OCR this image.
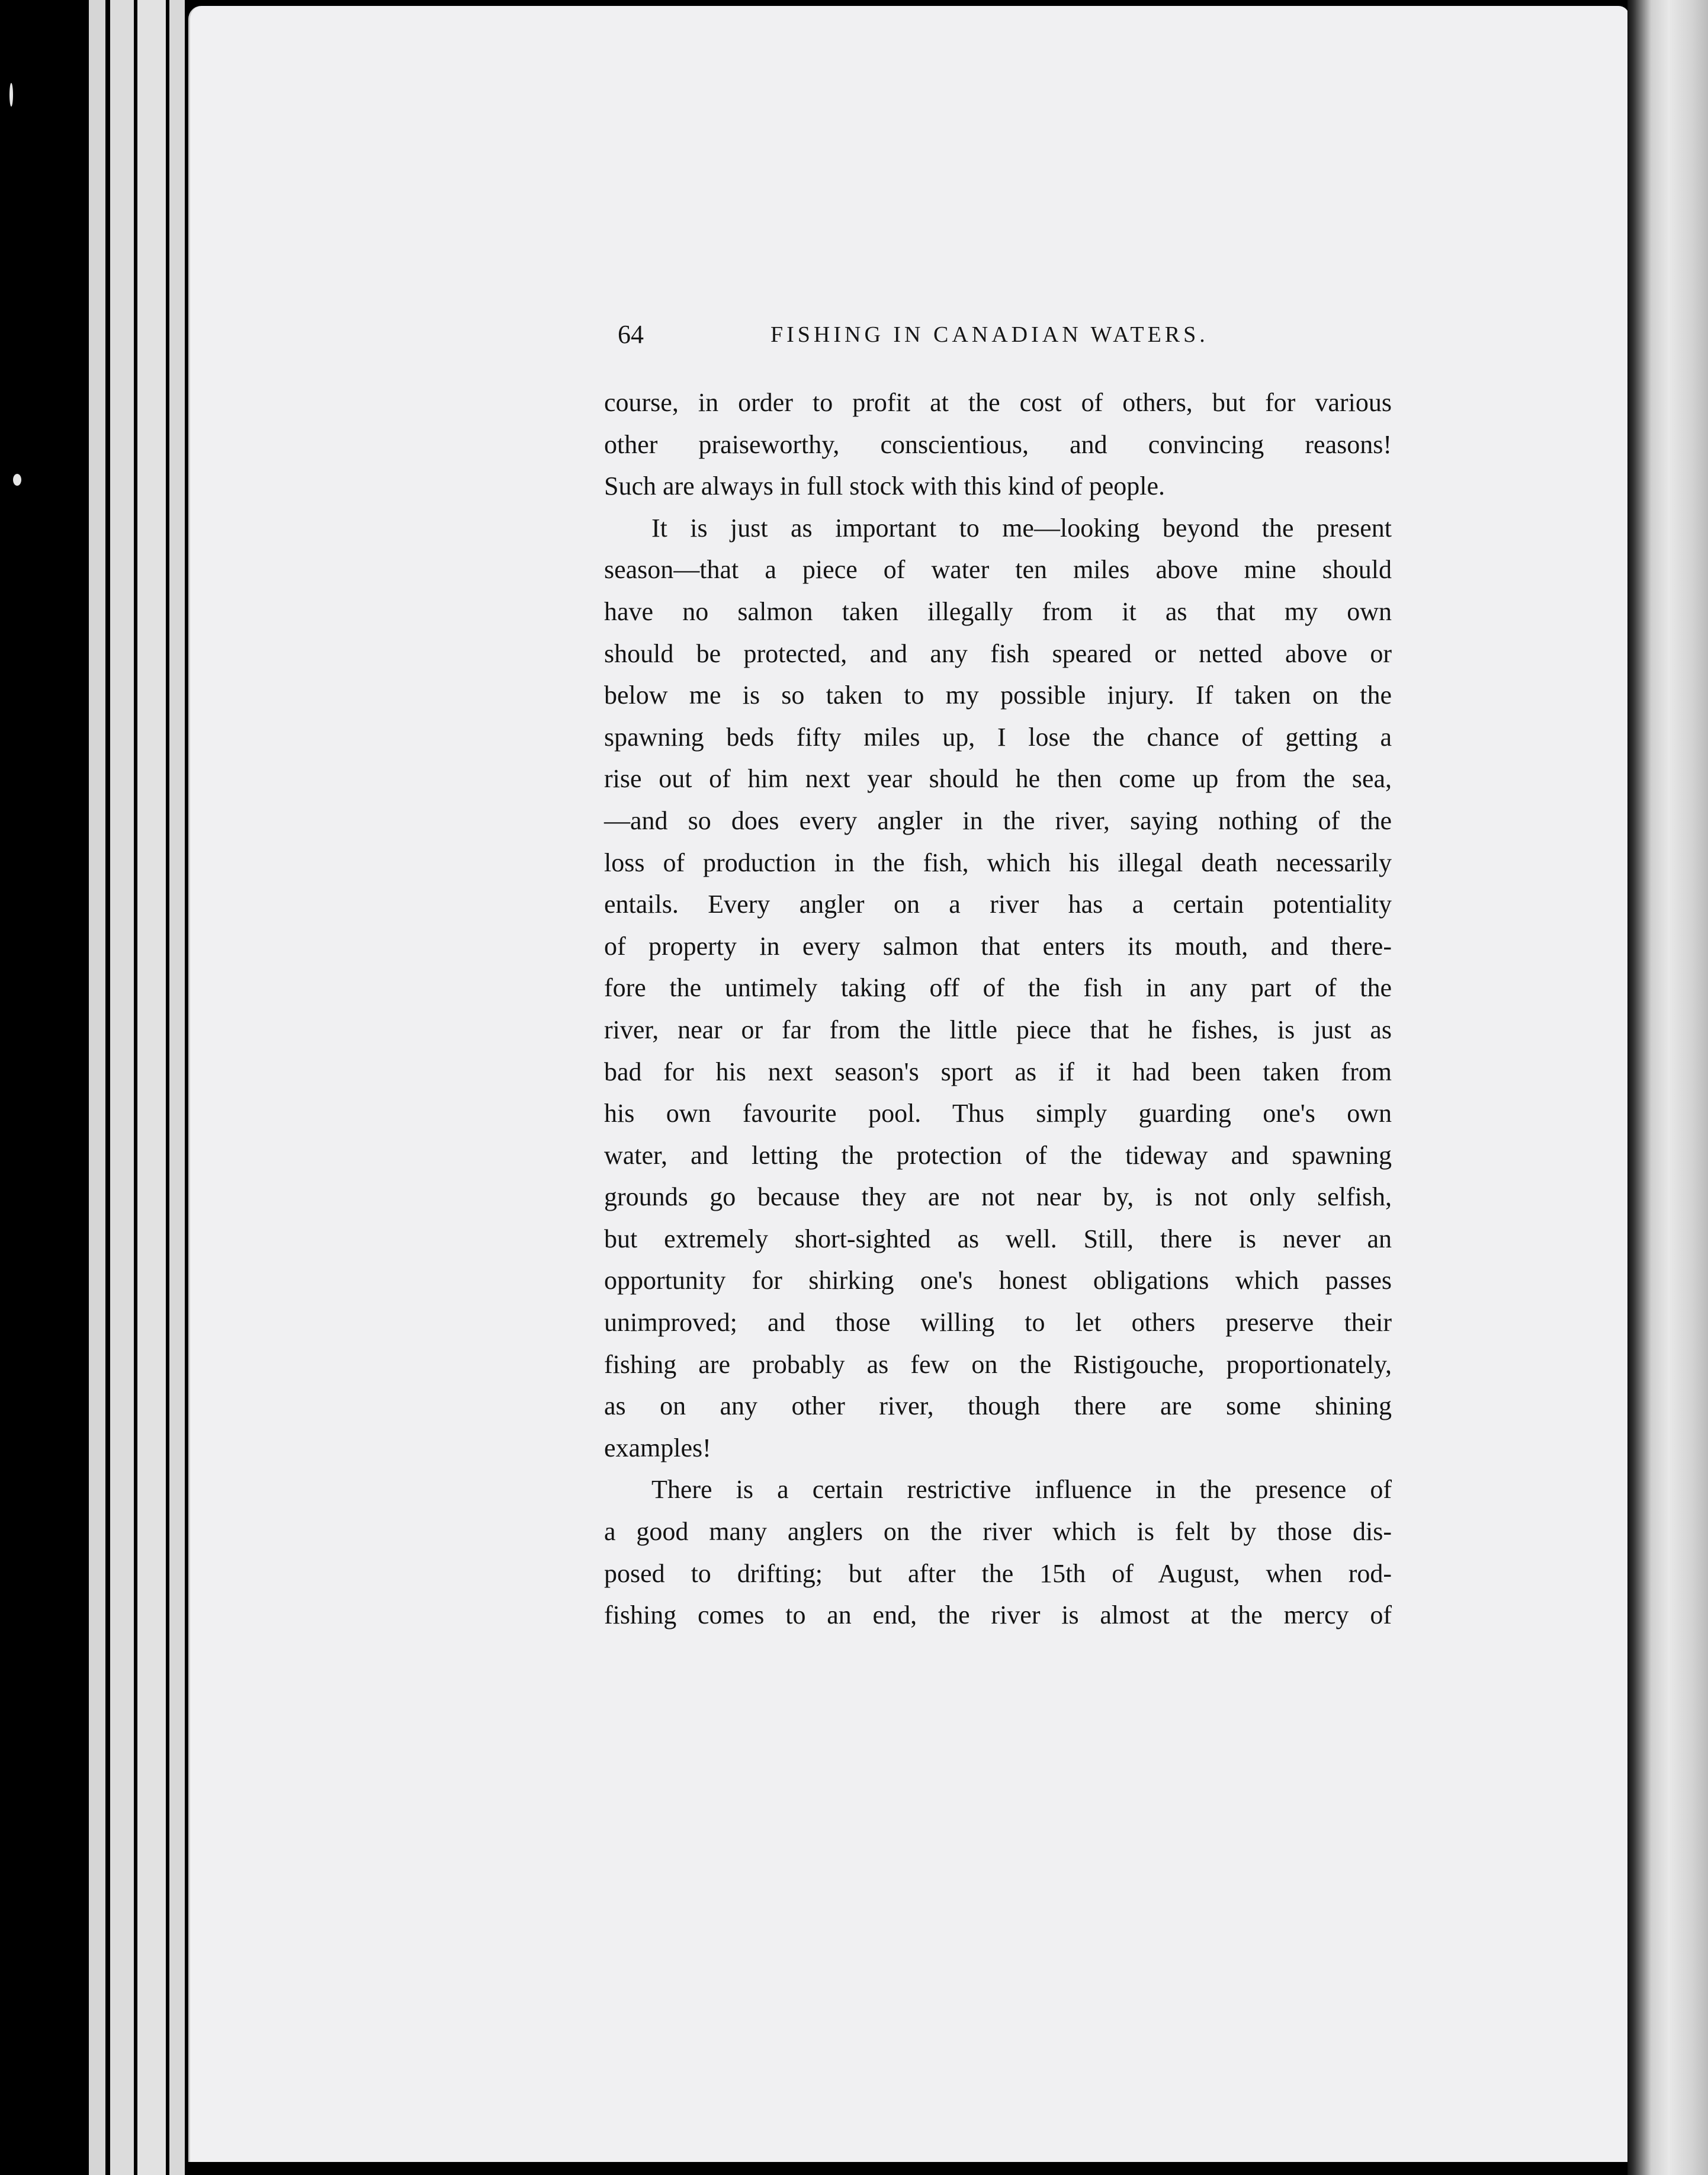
64	FISHING IN CANADIAN WATERS.
course, in order to profit at the cost of others, but for various
other praiseworthy, conscientious, and convincing reasons!
Such are always in full stock with this kind of people.
It is just as important to me—looking beyond the present
season—that a piece of water ten miles above mine should
have no salmon taken illegally from it as that my own
should be protected, and any fish speared or netted above or
below me is so taken to my possible injury. If taken on the
spawning beds fifty miles up, I lose the chance of getting a
rise out of him next year should he then come up from the sea,
—and so does every angler in the river, saying nothing of the
loss of production in the fish, which his illegal death necessarily
entails. Every angler on a river has a certain potentiality
of property in every salmon that enters its mouth, and there-
fore the untimely taking off of the fish in any part of the
river, near or far from the little piece that he fishes, is just as
bad for his next season's sport as if it had been taken from
his own favourite pool. Thus simply guarding one's own
water, and letting the protection of the tideway and spawning
grounds go because they are not near by, is not only selfish,
but extremely short-sighted as well. Still, there is never an
opportunity for shirking one's honest obligations which passes
unimproved; and those willing to let others preserve their
fishing are probably as few on the Ristigouche, proportionately,
as on any other river, though there are some shining
examples!
There is a certain restrictive influence in the presence of
a good many anglers on the river which is felt by those dis-
posed to drifting; but after the 15th of August, when rod-
fishing comes to an end, the river is almost at the mercy of
